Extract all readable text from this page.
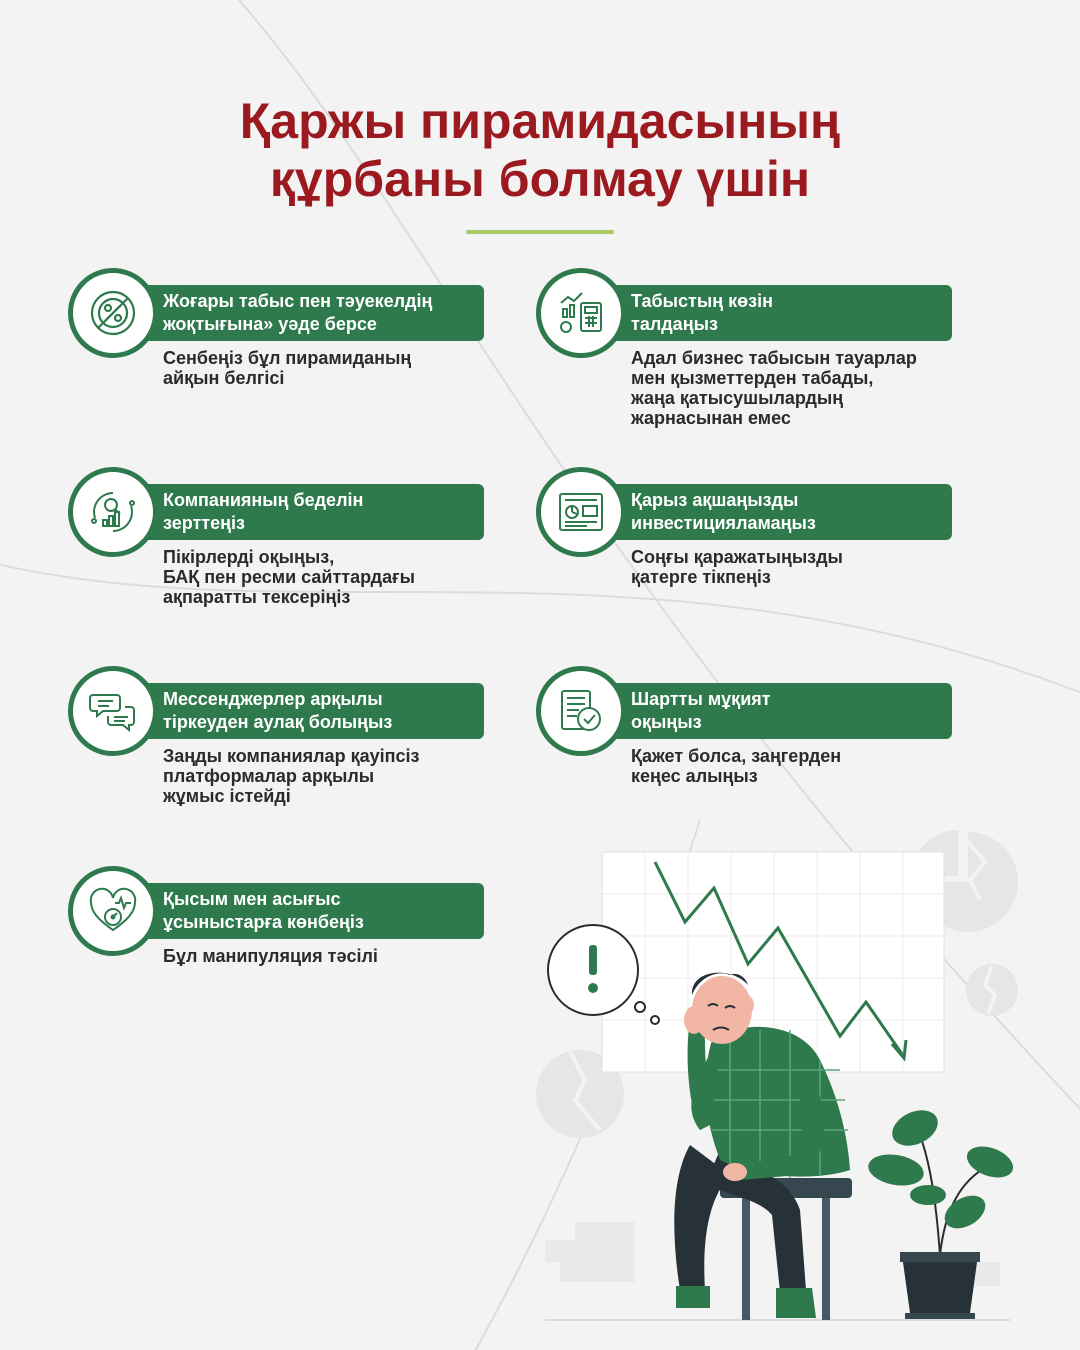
Қаржы пирамидасының
құрбаны болмау үшін
Жоғары табыс пен тәуекелдің
жоқтығына» уәде берсе
Сенбеңіз бұл пирамиданың
айқын белгісі
Табыстың көзін
талдаңыз
Адал бизнес табысын тауарлар
мен қызметтерден табады,
жаңа қатысушылардың
жарнасынан емес
Компанияның беделін
зерттеңіз
Пікірлерді оқыңыз,
БАҚ пен ресми сайттардағы
ақпаратты тексеріңіз
Қарыз ақшаңызды
инвестицияламаңыз
Соңғы қаражатыңызды
қатерге тікпеңіз
Мессенджерлер арқылы
тіркеуден аулақ болыңыз
Заңды компаниялар қауіпсіз
платформалар арқылы
жұмыс істейді
Шартты мұқият
оқыңыз
Қажет болса, заңгерден
кеңес алыңыз
Қысым мен асығыс
ұсыныстарға көнбеңіз
Бұл манипуляция тәсілі
